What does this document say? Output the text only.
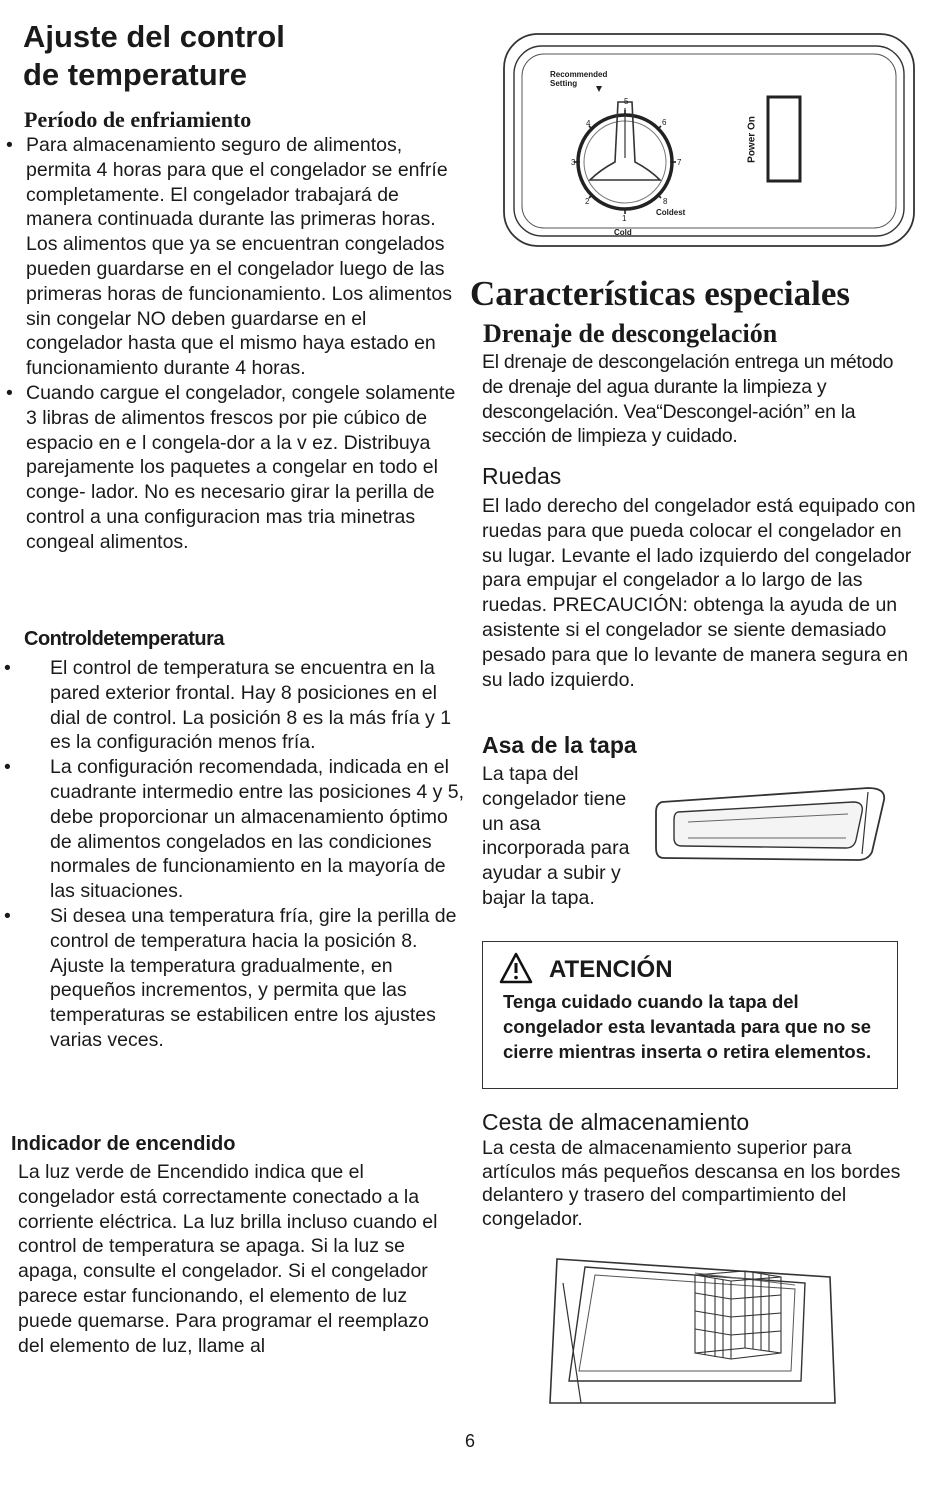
Ajuste del control
de temperature
Período de enfriamiento

• Para almacenamiento seguro de alimentos, permita 4 horas para que el congelador se enfríe completamente. El congelador trabajará de manera continuada durante las primeras horas. Los alimentos que ya se encuentran congelados pueden guardarse en el congelador luego de las primeras horas de funcionamiento. Los alimentos sin congelar NO deben guardarse en el congelador hasta que el mismo haya estado en funcionamiento durante 4 horas.

• Cuando cargue el congelador, congele solamente 3 libras de alimentos frescos por pie cúbico de espacio en e l congela-dor a la v ez. Distribuya parejamente los paquetes a congelar en todo el conge- lador. No es necesario girar la perilla de control a una configuracion mas tria minetras congeal alimentos.

Controldetemperatura

• El control de temperatura se encuentra en la pared exterior frontal. Hay 8 posiciones en el dial de control. La posición 8 es la más fría y 1 es la configuración menos fría.

• La configuración recomendada, indicada en el cuadrante intermedio entre las posiciones 4 y 5, debe proporcionar un almacenamiento óptimo de alimentos congelados en las condiciones normales de funcionamiento en la mayoría de las situaciones.

• Si desea una temperatura fría, gire la perilla de control de temperatura hacia la posición 8. Ajuste la temperatura gradualmente, en pequeños incrementos, y permita que las temperaturas se estabilicen entre los ajustes varias veces.

Indicador de encendido

La luz verde de Encendido indica que el congelador está correctamente conectado a la corriente eléctrica. La luz brilla incluso cuando el control de temperatura se apaga. Si la luz se apaga, consulte el congelador. Si el congelador parece estar funcionando, el elemento de luz puede quemarse. Para programar el reemplazo del elemento de luz, llame al

Recommended
Setting
1
2
3
4
5
6
7
8
Cold
Coldest
Power On
Características especiales
Drenaje de descongelación

El drenaje de descongelación entrega un método de drenaje del agua durante la limpieza y descongelación. Vea“Descongel-ación” en la sección de limpieza y cuidado.

Ruedas

El lado derecho del congelador está equipado con ruedas para que pueda colocar el congelador en su lugar. Levante el lado izquierdo del congelador para empujar el congelador a lo largo de las ruedas. PRECAUCIÓN: obtenga la ayuda de un asistente si el congelador se siente demasiado pesado para que lo levante de manera segura en su lado izquierdo.

Asa de la tapa

La tapa del congelador tiene un asa incorporada para ayudar a subir y bajar la tapa.

ATENCIÓN

Tenga cuidado cuando la tapa del congelador esta levantada para que no se cierre mientras inserta o retira elementos.

Cesta de almacenamiento

La cesta de almacenamiento superior para artículos más pequeños descansa en los bordes delantero y trasero del compartimiento del congelador.

6
